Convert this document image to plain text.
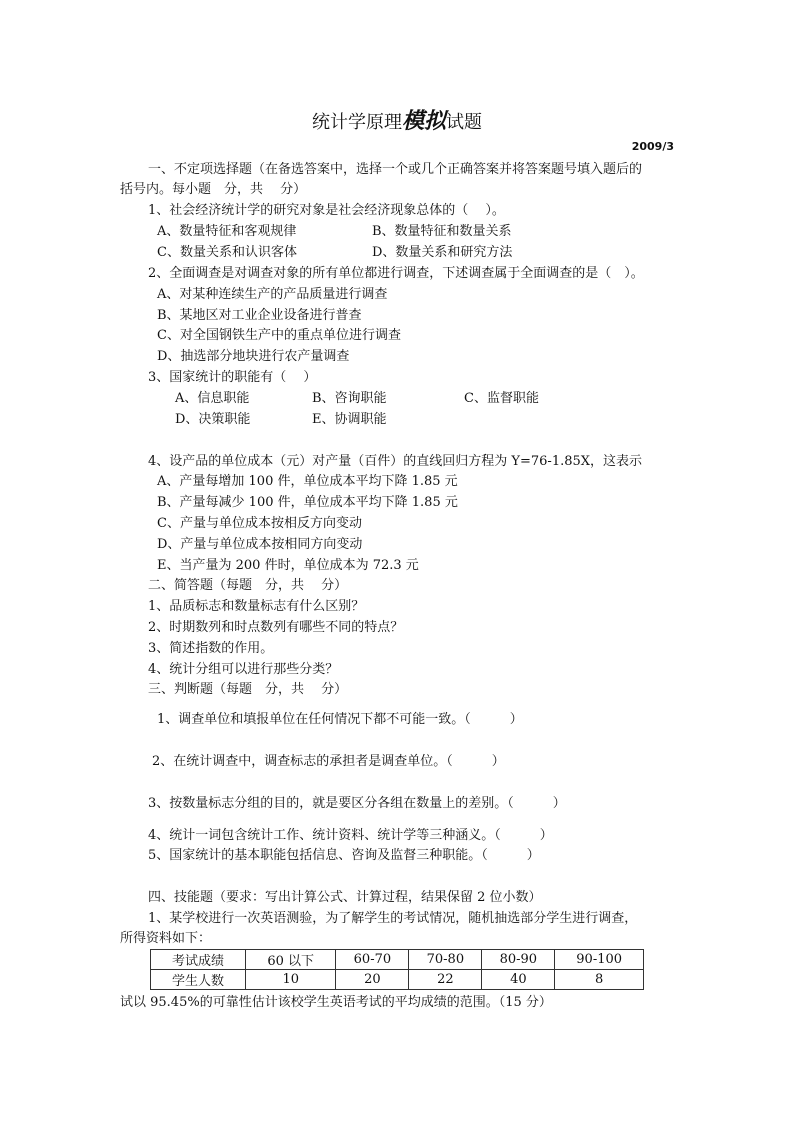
统计学原理模拟试题
2009/3
一、不定项选择题（在备选答案中，选择一个或几个正确答案并将答案题号填入题后的
括号内。每小题　分，共　 分）
1、社会经济统计学的研究对象是社会经济现象总体的（　 ）。
A、数量特征和客观规律	B、数量特征和数量关系
C、数量关系和认识客体	D、数量关系和研究方法
2、全面调查是对调查对象的所有单位都进行调查，下述调查属于全面调查的是（　）。
A、对某种连续生产的产品质量进行调查
B、某地区对工业企业设备进行普查
C、对全国钢铁生产中的重点单位进行调查
D、抽选部分地块进行农产量调查
3、国家统计的职能有（　 ）
A、信息职能	B、咨询职能	C、监督职能
D、决策职能	E、协调职能
4、设产品的单位成本（元）对产量（百件）的直线回归方程为 Y=76-1.85X，这表示
A、产量每增加 100 件，单位成本平均下降 1.85 元
B、产量每减少 100 件，单位成本平均下降 1.85 元
C、产量与单位成本按相反方向变动
D、产量与单位成本按相同方向变动
E、当产量为 200 件时，单位成本为 72.3 元
二、简答题（每题　分，共　 分）
1、品质标志和数量标志有什么区别？
2、时期数列和时点数列有哪些不同的特点？
3、简述指数的作用。
4、统计分组可以进行那些分类？
三、判断题（每题　分，共　 分）
1、调查单位和填报单位在任何情况下都不可能一致。（　　　）
2、在统计调查中，调查标志的承担者是调查单位。（　　　）
3、按数量标志分组的目的，就是要区分各组在数量上的差别。（　　　）
4、统计一词包含统计工作、统计资料、统计学等三种涵义。（　　　）
5、国家统计的基本职能包括信息、咨询及监督三种职能。（　　　）
四、技能题（要求：写出计算公式、计算过程，结果保留 2 位小数）
1、某学校进行一次英语测验，为了解学生的考试情况，随机抽选部分学生进行调查，
所得资料如下：
考试成绩	60 以下	60-70	70-80	80-90	90-100
学生人数	10	20	22	40	8
试以 95.45%的可靠性估计该校学生英语考试的平均成绩的范围。（15 分）
